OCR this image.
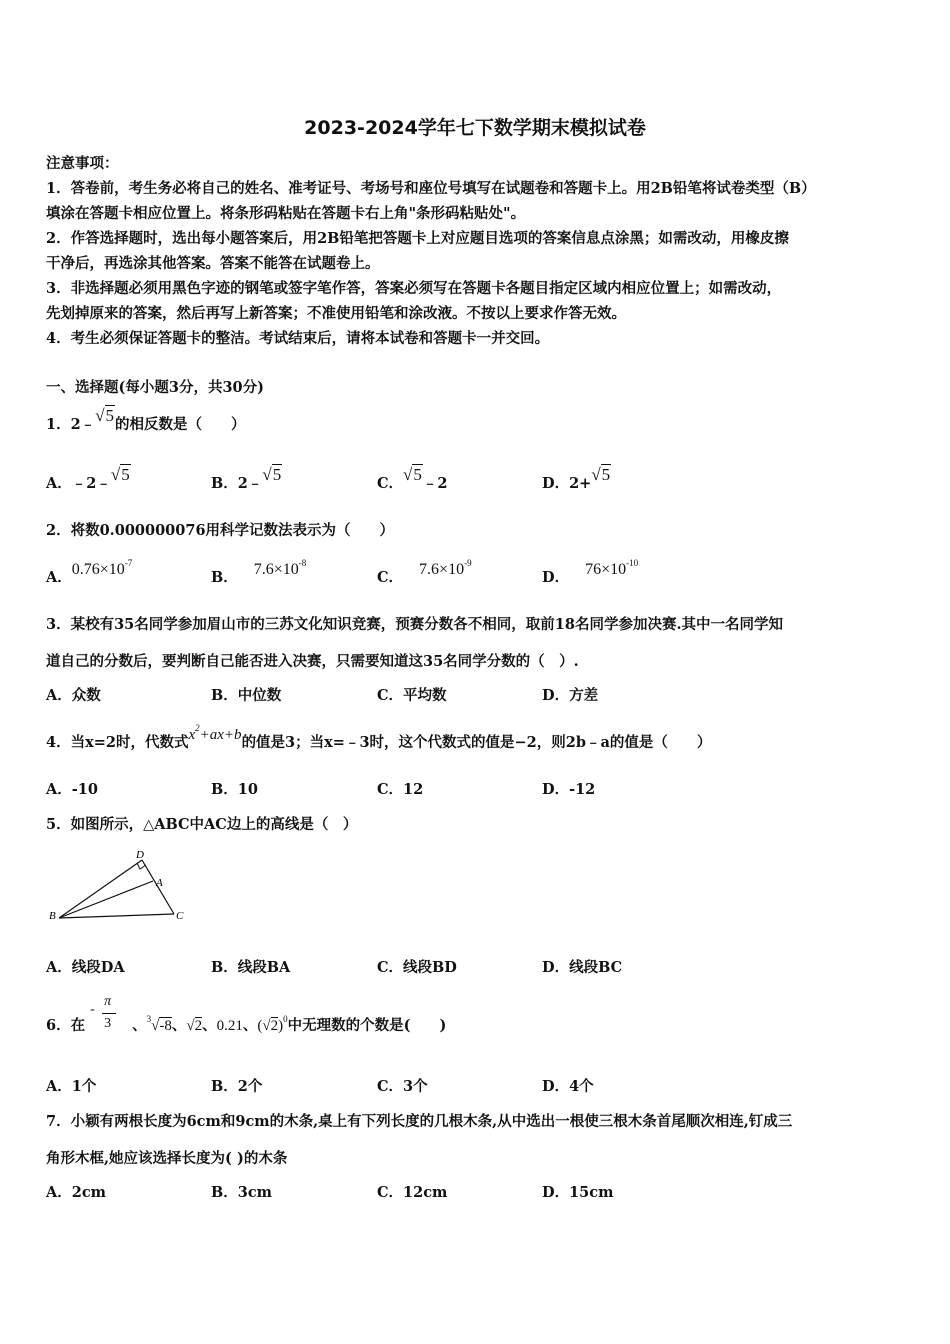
2023-2024学年七下数学期末模拟试卷
注意事项：
1．答卷前，考生务必将自己的姓名、准考证号、考场号和座位号填写在试题卷和答题卡上。用2B铅笔将试卷类型（B）
填涂在答题卡相应位置上。将条形码粘贴在答题卡右上角"条形码粘贴处"。
2．作答选择题时，选出每小题答案后，用2B铅笔把答题卡上对应题目选项的答案信息点涂黑；如需改动，用橡皮擦
干净后，再选涂其他答案。答案不能答在试题卷上。
3．非选择题必须用黑色字迹的钢笔或签字笔作答，答案必须写在答题卡各题目指定区域内相应位置上；如需改动，
先划掉原来的答案，然后再写上新答案；不准使用铅笔和涂改液。不按以上要求作答无效。
4．考生必须保证答题卡的整洁。考试结束后，请将本试卷和答题卡一并交回。
一、选择题(每小题3分，共30分)
1．2﹣√5的相反数是（　　）
A．﹣2﹣√5	B．2﹣√5	C．√5﹣2	D．2+√5
2．将数0.000000076用科学记数法表示为（　　）
A．$0.76\times 10^{-7}$
B． $7.6\times 10^{-8}$
C． $7.6\times 10^{-9}$
D． $76\times 10^{-10}$
3．某校有35名同学参加眉山市的三苏文化知识竞赛，预赛分数各不相同，取前18名同学参加决赛.其中一名同学知
道自己的分数后，要判断自己能否进入决赛，只需要知道这35名同学分数的（　）.
A．众数	B．中位数	C．平均数	D．方差
4．当x=2时，代数式$x^2+ax+b$的值是3；当x=﹣3时，这个代数式的值是−2，则2b﹣a的值是（　　）
A．-10	B．10	C．12	D．-12
5．如图所示，△ABC中AC边上的高线是（　）
B	C
A
D
A．线段DA	B．线段BA	C．线段BD	D．线段BC
6．在
-
π
3 、$^3$√-8、√2、0.21、$(√2)^0$中无理数的个数是(　　)
A．1个	B．2个	C．3个	D．4个
7．小颖有两根长度为6cm和9cm的木条,桌上有下列长度的几根木条,从中选出一根使三根木条首尾顺次相连,钉成三
角形木框,她应该选择长度为( )的木条
A．2cm	B．3cm	C．12cm	D．15cm
